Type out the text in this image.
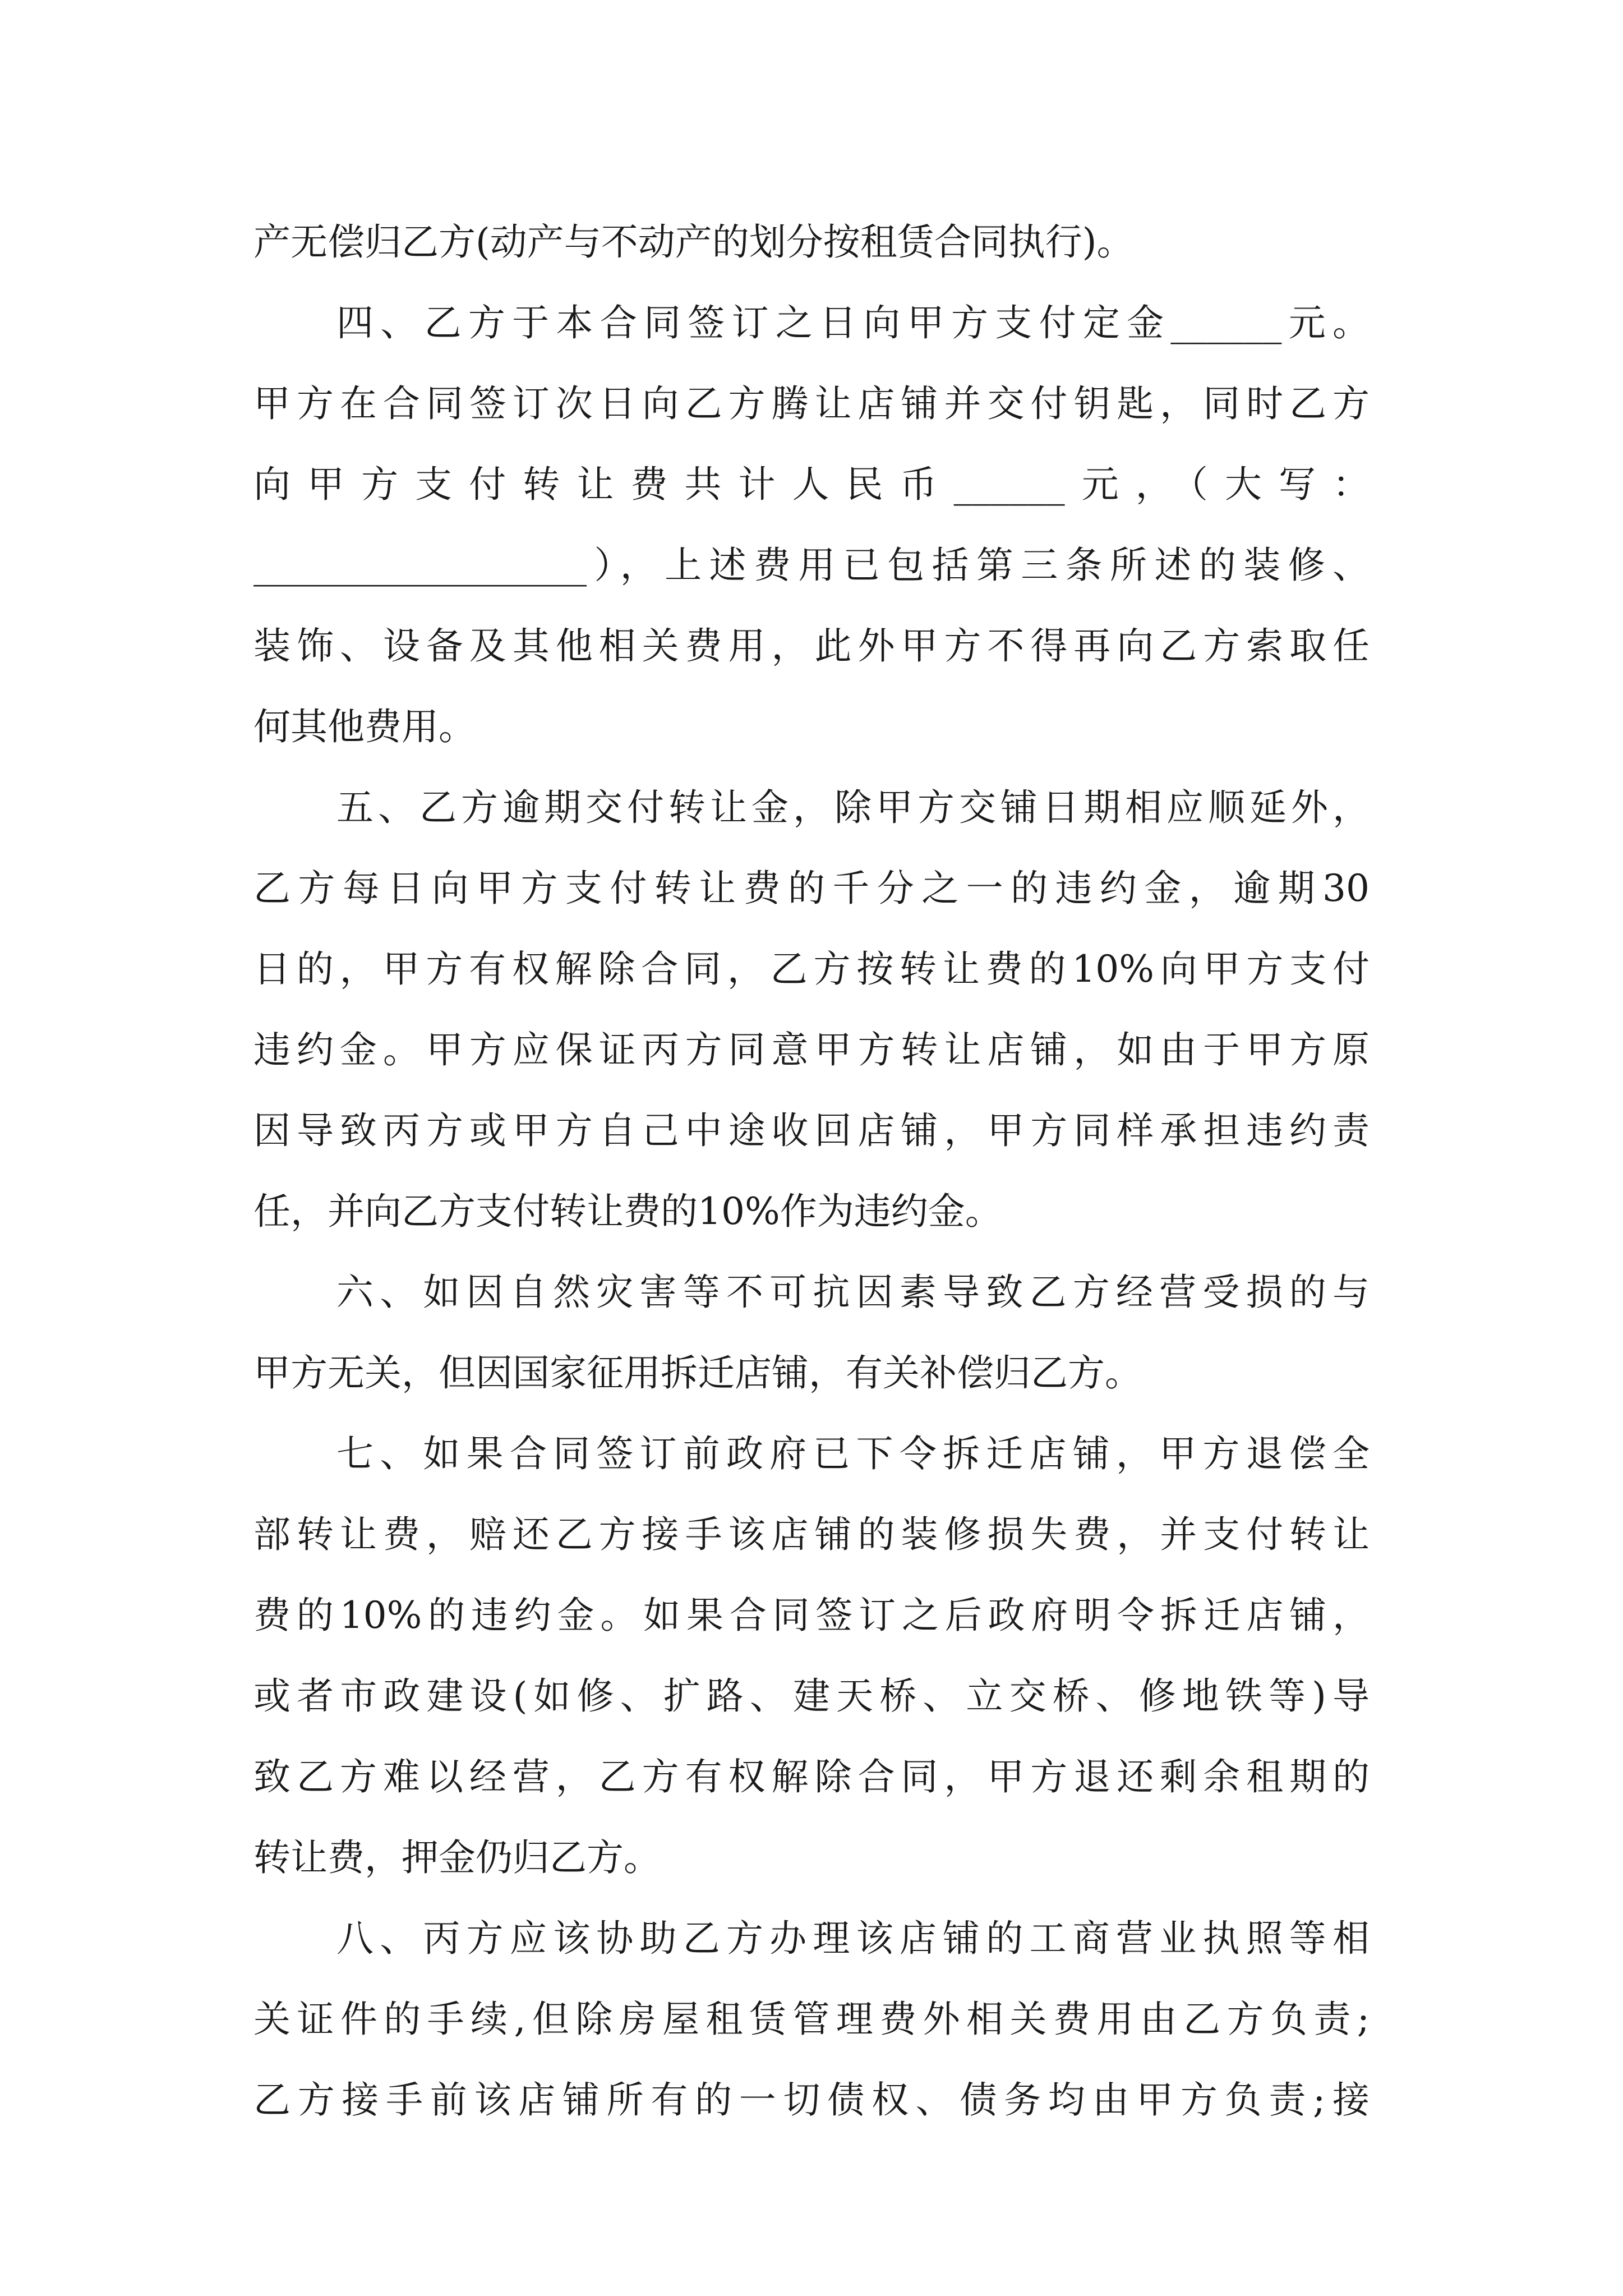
产无偿归乙方(动产与不动产的划分按租赁合同执行)。
四、乙方于本合同签订之日向甲方支付定金______元。
甲方在合同签订次日向乙方腾让店铺并交付钥匙，同时乙方
向甲方支付转让费共计人民币______元，（大写：
__________________），上述费用已包括第三条所述的装修、
装饰、设备及其他相关费用，此外甲方不得再向乙方索取任
何其他费用。
五、乙方逾期交付转让金，除甲方交铺日期相应顺延外，
乙方每日向甲方支付转让费的千分之一的违约金，逾期30
日的，甲方有权解除合同，乙方按转让费的10%向甲方支付
违约金。甲方应保证丙方同意甲方转让店铺，如由于甲方原
因导致丙方或甲方自己中途收回店铺，甲方同样承担违约责
任，并向乙方支付转让费的10%作为违约金。
六、如因自然灾害等不可抗因素导致乙方经营受损的与
甲方无关，但因国家征用拆迁店铺，有关补偿归乙方。
七、如果合同签订前政府已下令拆迁店铺，甲方退偿全
部转让费，赔还乙方接手该店铺的装修损失费，并支付转让
费的10%的违约金。如果合同签订之后政府明令拆迁店铺，
或者市政建设(如修、扩路、建天桥、立交桥、修地铁等)导
致乙方难以经营，乙方有权解除合同，甲方退还剩余租期的
转让费，押金仍归乙方。
八、丙方应该协助乙方办理该店铺的工商营业执照等相
关证件的手续,但除房屋租赁管理费外相关费用由乙方负责;
乙方接手前该店铺所有的一切债权、债务均由甲方负责;接
